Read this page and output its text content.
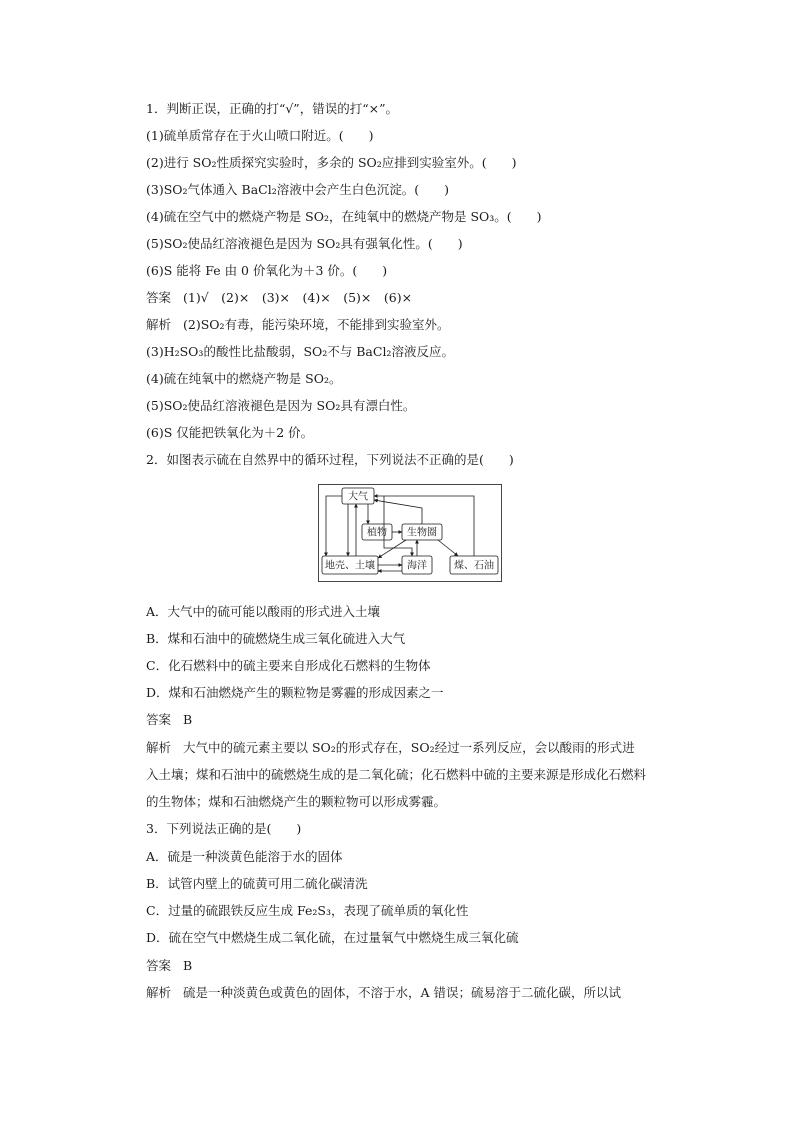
1．判断正误，正确的打“√”，错误的打“×”。
(1)硫单质常存在于火山喷口附近。(　　)
(2)进行 SO₂性质探究实验时，多余的 SO₂应排到实验室外。(　　)
(3)SO₂气体通入 BaCl₂溶液中会产生白色沉淀。(　　)
(4)硫在空气中的燃烧产物是 SO₂，在纯氧中的燃烧产物是 SO₃。(　　)
(5)SO₂使品红溶液褪色是因为 SO₂具有强氧化性。(　　)
(6)S 能将 Fe 由 0 价氧化为＋3 价。(　　)
答案 (1)√　(2)×　(3)×　(4)×　(5)×　(6)×
解析 (2)SO₂有毒，能污染环境，不能排到实验室外。
(3)H₂SO₃的酸性比盐酸弱，SO₂不与 BaCl₂溶液反应。
(4)硫在纯氧中的燃烧产物是 SO₂。
(5)SO₂使品红溶液褪色是因为 SO₂具有漂白性。
(6)S 仅能把铁氧化为＋2 价。
2．如图表示硫在自然界中的循环过程，下列说法不正确的是(　　)
大气
植物 生物圈
地壳、土壤	海洋	煤、石油
A．大气中的硫可能以酸雨的形式进入土壤
B．煤和石油中的硫燃烧生成三氧化硫进入大气
C．化石燃料中的硫主要来自形成化石燃料的生物体
D．煤和石油燃烧产生的颗粒物是雾霾的形成因素之一
答案 B
解析 大气中的硫元素主要以 SO₂的形式存在，SO₂经过一系列反应，会以酸雨的形式进
入土壤；煤和石油中的硫燃烧生成的是二氧化硫；化石燃料中硫的主要来源是形成化石燃料
的生物体；煤和石油燃烧产生的颗粒物可以形成雾霾。
3．下列说法正确的是(　　)
A．硫是一种淡黄色能溶于水的固体
B．试管内壁上的硫黄可用二硫化碳清洗
C．过量的硫跟铁反应生成 Fe₂S₃，表现了硫单质的氧化性
D．硫在空气中燃烧生成二氧化硫，在过量氧气中燃烧生成三氧化硫
答案 B
解析 硫是一种淡黄色或黄色的固体，不溶于水，A 错误；硫易溶于二硫化碳，所以试
